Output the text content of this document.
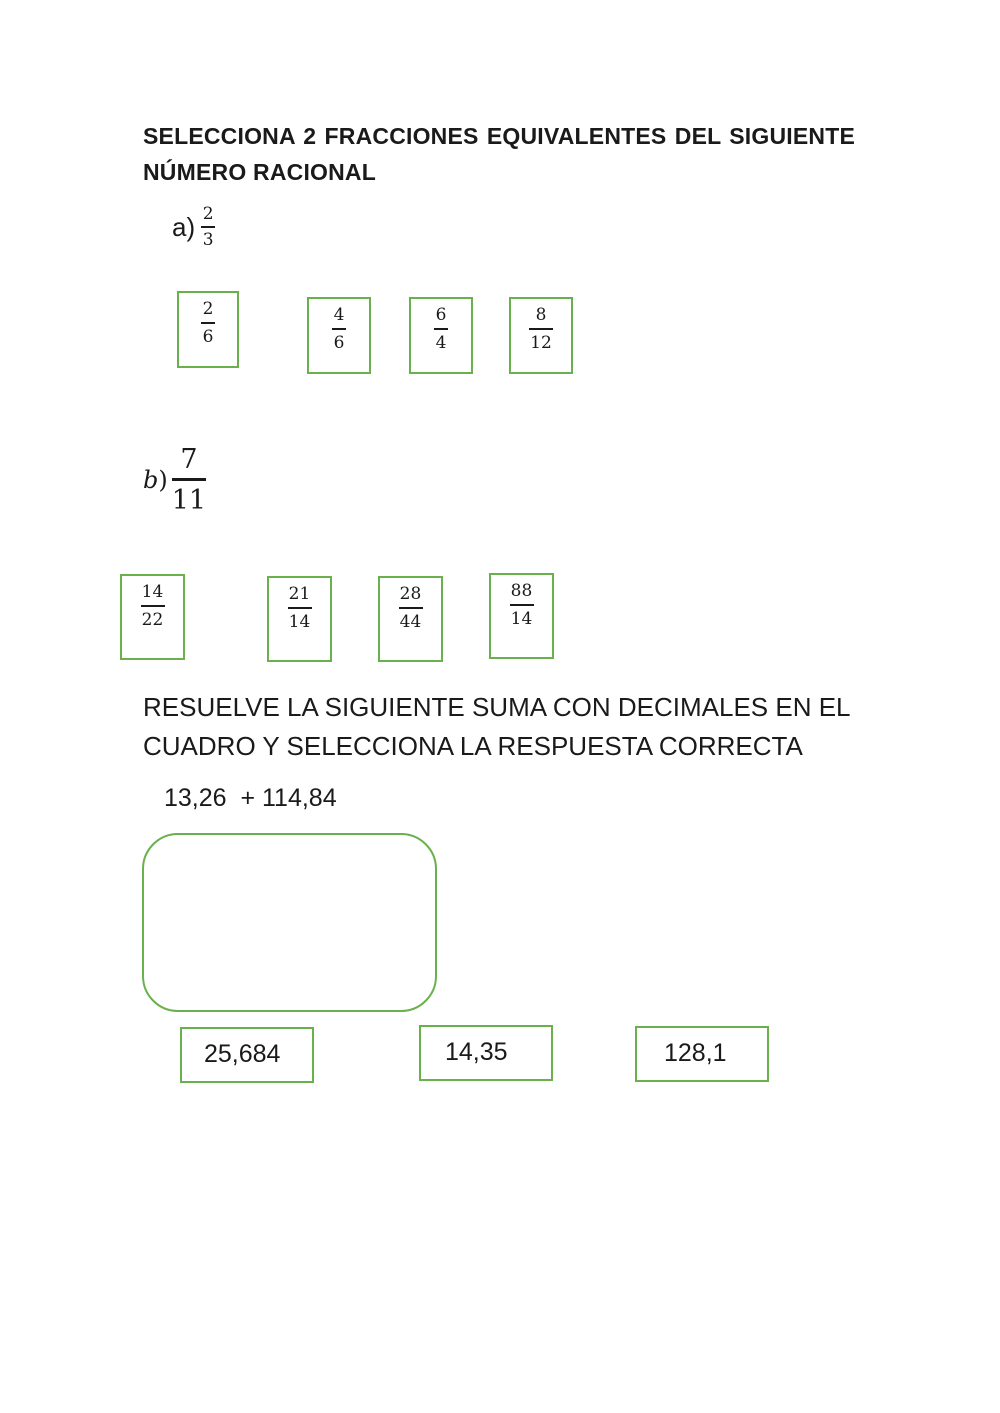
SELECCIONA 2 FRACCIONES EQUIVALENTES DEL SIGUIENTE NÚMERO RACIONAL
$a) \frac{2}{3}$
$\frac{2}{6}$	$\frac{4}{6}$	$\frac{6}{4}$	$\frac{8}{12}$
$b) \frac{7}{11}$
$\frac{14}{22}$	$\frac{21}{14}$	$\frac{28}{44}$	$\frac{88}{14}$
RESUELVE LA SIGUIENTE SUMA CON DECIMALES EN EL CUADRO Y SELECCIONA LA RESPUESTA CORRECTA
13,26  + 114,84
25,684	14,35	128,1
